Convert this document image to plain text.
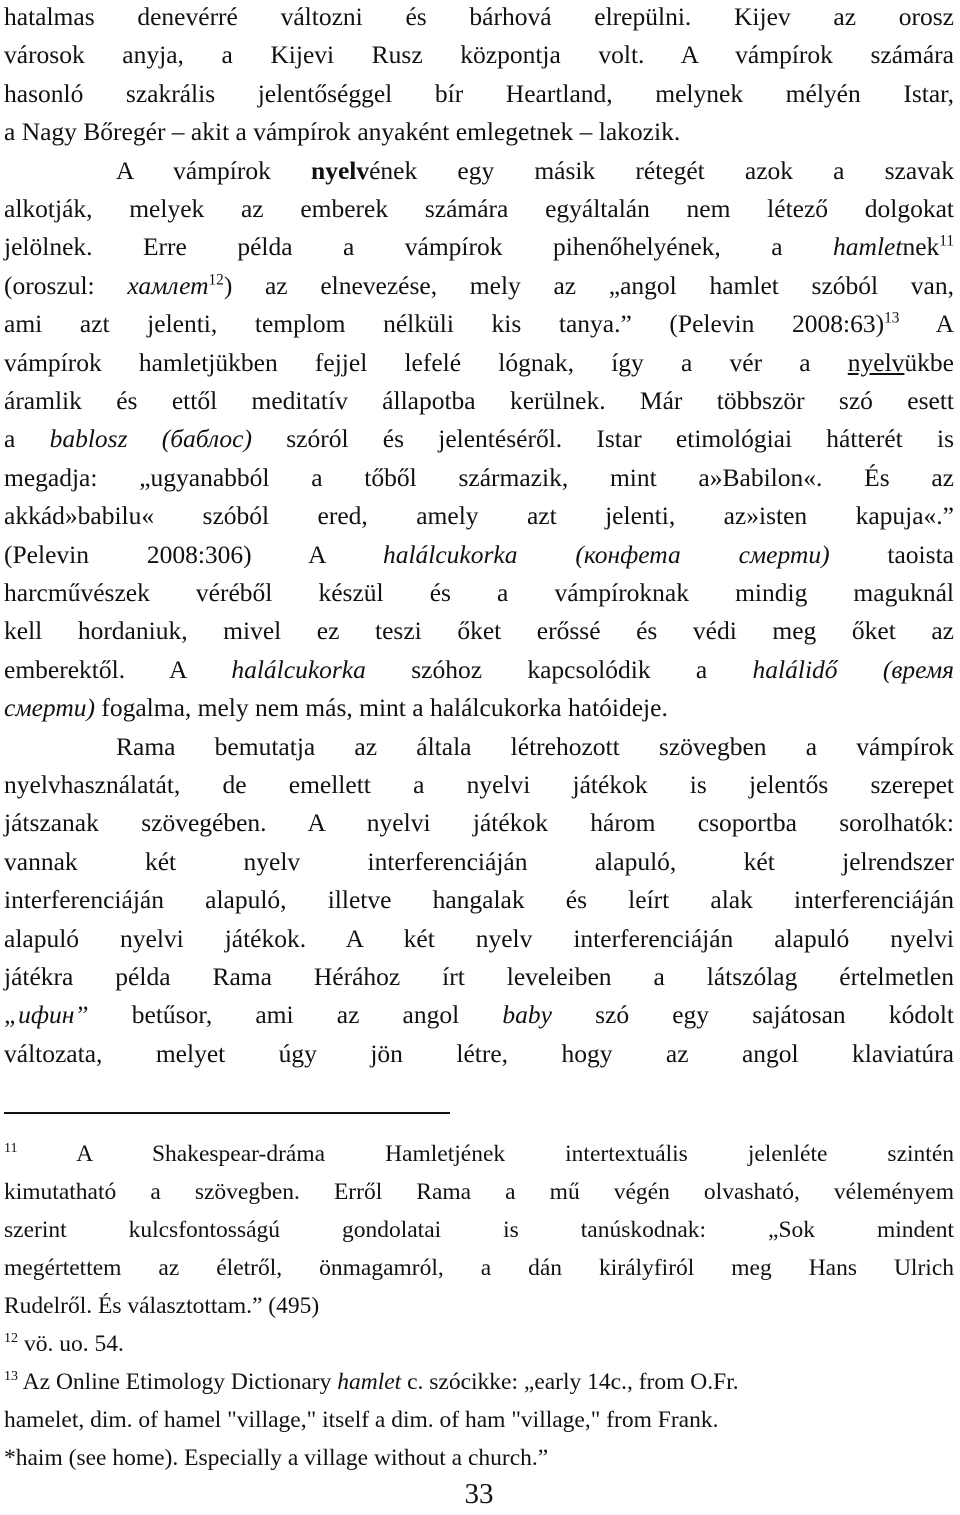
hatalmas denevérré változni és bárhová elrepülni. Kijev az orosz
városok anyja, a Kijevi Rusz központja volt. A vámpírok számára
hasonló szakrális jelentőséggel bír Heartland, melynek mélyén Istar,
a Nagy Bőregér – akit a vámpírok anyaként emlegetnek – lakozik.
A vámpírok nyelvének egy másik rétegét azok a szavak
alkotják, melyek az emberek számára egyáltalán nem létező dolgokat
jelölnek. Erre példa a vámpírok pihenőhelyének, a hamletnek$^{11}$
(oroszul: хамлет$^{12}$) az elnevezése, mely az „angol hamlet szóból van,
ami azt jelenti, templom nélküli kis tanya.” (Pelevin 2008:63)$^{13}$ A
vámpírok hamletjükben fejjel lefelé lógnak, így a vér a nyelvükbe
áramlik és ettől meditatív állapotba kerülnek. Már többször szó esett
a bablosz (баблос) szóról és jelentéséről. Istar etimológiai hátterét is
megadja: „ugyanabból a tőből származik, mint a»Babilon«. És az
akkád»babilu« szóból ered, amely azt jelenti, az»isten kapuja«.”
(Pelevin 2008:306) A halálcukorka (конфета смерти) taoista
harcművészek véréből készül és a vámpíroknak mindig maguknál
kell hordaniuk, mivel ez teszi őket erőssé és védi meg őket az
emberektől. A halálcukorka szóhoz kapcsolódik a halálidő (время
смерти) fogalma, mely nem más, mint a halálcukorka hatóideje.
Rama bemutatja az általa létrehozott szövegben a vámpírok
nyelvhasználatát, de emellett a nyelvi játékok is jelentős szerepet
játszanak szövegében. A nyelvi játékok három csoportba sorolhatók:
vannak két nyelv interferenciáján alapuló, két jelrendszer
interferenciáján alapuló, illetve hangalak és leírt alak interferenciáján
alapuló nyelvi játékok. A két nyelv interferenciáján alapuló nyelvi
játékra példa Rama Hérához írt leveleiben a látszólag értelmetlen
„ифин” betűsor, ami az angol baby szó egy sajátosan kódolt
változata, melyet úgy jön létre, hogy az angol klaviatúra
$^{11}$ A Shakespear-dráma Hamletjének intertextuális jelenléte szintén
kimutatható a szövegben. Erről Rama a mű végén olvasható, véleményem
szerint kulcsfontosságú gondolatai is tanúskodnak: „Sok mindent
megértettem az életről, önmagamról, a dán királyfiról meg Hans Ulrich
Rudelről. És választottam.” (495)
$^{12}$ vö. uo. 54.
$^{13}$ Az Online Etimology Dictionary hamlet c. szócikke: „early 14c., from O.Fr.
hamelet, dim. of hamel "village," itself a dim. of ham "village," from Frank.
*haim (see home). Especially a village without a church.”
33
